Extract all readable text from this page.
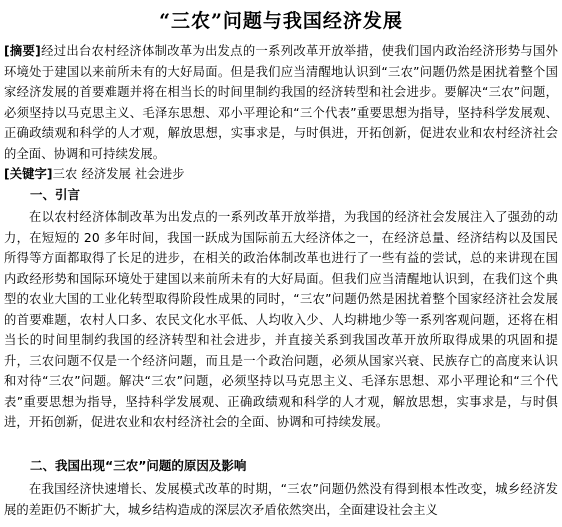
“三农”问题与我国经济发展
[摘要]经过出台农村经济体制改革为出发点的一系列改革开放举措，使我们国内政治经济形势与国外环境处于建国以来前所未有的大好局面。但是我们应当清醒地认识到“三农”问题仍然是困扰着整个国家经济发展的首要难题并将在相当长的时间里制约我国的经济转型和社会进步。要解决“三农”问题，必须坚持以马克思主义、毛泽东思想、邓小平理论和“三个代表”重要思想为指导，坚持科学发展观、正确政绩观和科学的人才观，解放思想，实事求是，与时俱进，开拓创新，促进农业和农村经济社会的全面、协调和可持续发展。
[关键字]三农 经济发展 社会进步
一、引言
在以农村经济体制改革为出发点的一系列改革开放举措，为我国的经济社会发展注入了强劲的动力，在短短的 20 多年时间，我国一跃成为国际前五大经济体之一，在经济总量、经济结构以及国民所得等方面都取得了长足的进步，在相关的政治体制改革也进行了一些有益的尝试，总的来讲现在国内政经形势和国际环境处于建国以来前所未有的大好局面。但我们应当清醒地认识到，在我们这个典型的农业大国的工业化转型取得阶段性成果的同时，“三农”问题仍然是困扰着整个国家经济社会发展的首要难题，农村人口多、农民文化水平低、人均收入少、人均耕地少等一系列客观问题，还将在相当长的时间里制约我国的经济转型和社会进步，并直接关系到我国改革开放所取得成果的巩固和提升，三农问题不仅是一个经济问题，而且是一个政治问题，必须从国家兴衰、民族存亡的高度来认识和对待“三农”问题。解决“三农”问题，必须坚持以马克思主义、毛泽东思想、邓小平理论和“三个代表”重要思想为指导，坚持科学发展观、正确政绩观和科学的人才观，解放思想，实事求是，与时俱进，开拓创新，促进农业和农村经济社会的全面、协调和可持续发展。
二、我国出现“三农”问题的原因及影响
在我国经济快速增长、发展模式改革的时期，“三农”问题仍然没有得到根本性改变，城乡经济发展的差距仍不断扩大，城乡结构造成的深层次矛盾依然突出，全面建设社会主义
